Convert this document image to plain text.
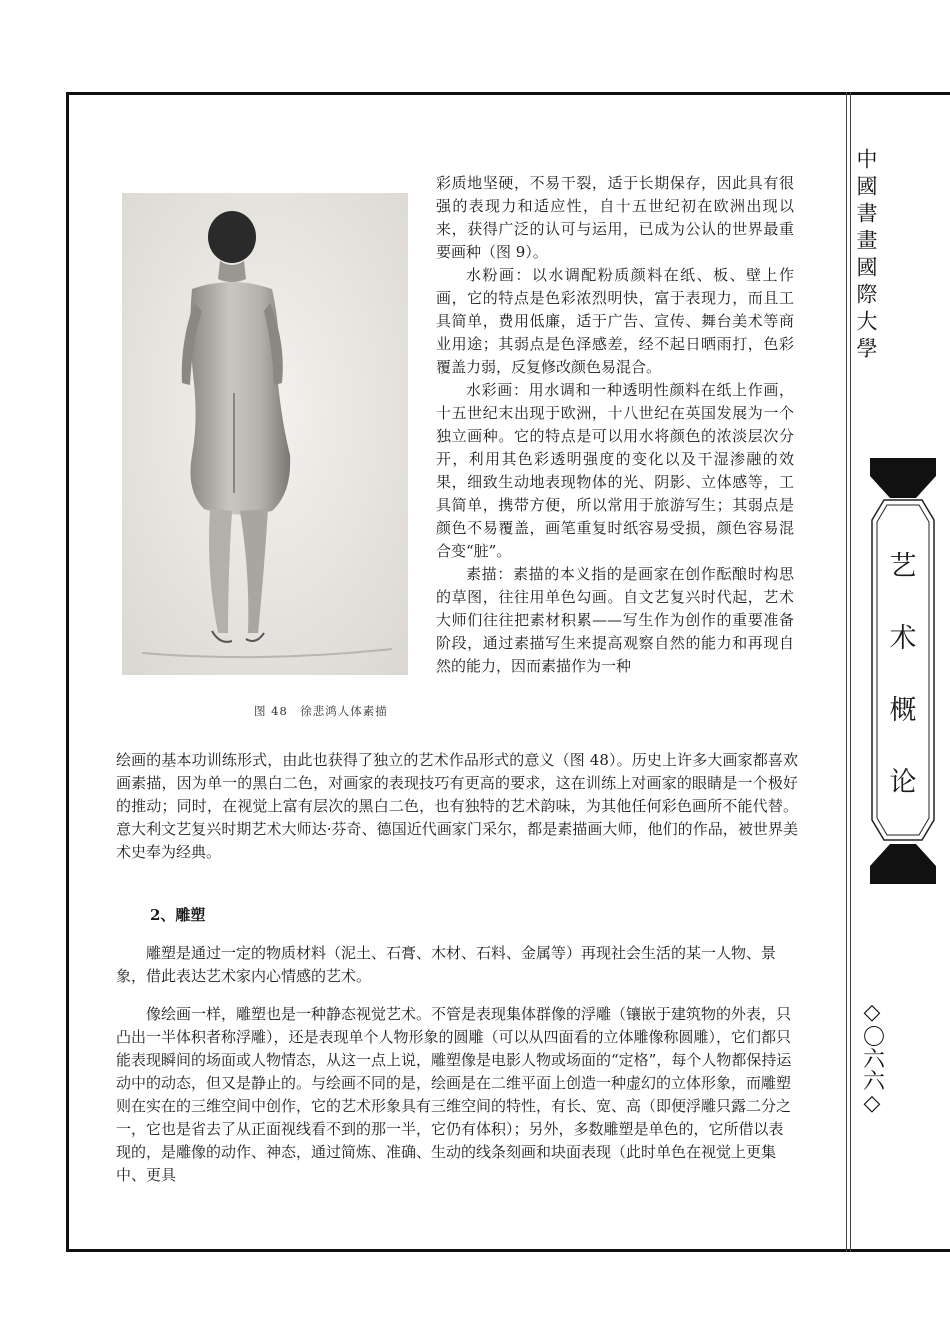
中國書畫國際大學
艺
术
概
论
◇〇六六◇
图 48　徐悲鸿人体素描

彩质地坚硬，不易干裂，适于长期保存，因此具有很强的表现力和适应性，自十五世纪初在欧洲出现以来，获得广泛的认可与运用，已成为公认的世界最重要画种（图 9）。

水粉画：以水调配粉质颜料在纸、板、壁上作画，它的特点是色彩浓烈明快，富于表现力，而且工具简单，费用低廉，适于广告、宣传、舞台美术等商业用途；其弱点是色泽感差，经不起日晒雨打，色彩覆盖力弱，反复修改颜色易混合。

水彩画：用水调和一种透明性颜料在纸上作画，十五世纪末出现于欧洲，十八世纪在英国发展为一个独立画种。它的特点是可以用水将颜色的浓淡层次分开，利用其色彩透明强度的变化以及干湿渗融的效果，细致生动地表现物体的光、阴影、立体感等，工具简单，携带方便，所以常用于旅游写生；其弱点是颜色不易覆盖，画笔重复时纸容易受损，颜色容易混合变“脏”。

素描：素描的本义指的是画家在创作酝酿时构思的草图，往往用单色勾画。自文艺复兴时代起，艺术大师们往往把素材积累——写生作为创作的重要准备阶段，通过素描写生来提高观察自然的能力和再现自然的能力，因而素描作为一种

绘画的基本功训练形式，由此也获得了独立的艺术作品形式的意义（图 48）。历史上许多大画家都喜欢画素描，因为单一的黑白二色，对画家的表现技巧有更高的要求，这在训练上对画家的眼睛是一个极好的推动；同时，在视觉上富有层次的黑白二色，也有独特的艺术韵味，为其他任何彩色画所不能代替。意大利文艺复兴时期艺术大师达·芬奇、德国近代画家门采尔，都是素描画大师，他们的作品，被世界美术史奉为经典。

2、雕塑

雕塑是通过一定的物质材料（泥土、石膏、木材、石料、金属等）再现社会生活的某一人物、景象，借此表达艺术家内心情感的艺术。

像绘画一样，雕塑也是一种静态视觉艺术。不管是表现集体群像的浮雕（镶嵌于建筑物的外表，只凸出一半体积者称浮雕），还是表现单个人物形象的圆雕（可以从四面看的立体雕像称圆雕），它们都只能表现瞬间的场面或人物情态，从这一点上说，雕塑像是电影人物或场面的“定格”，每个人物都保持运动中的动态，但又是静止的。与绘画不同的是，绘画是在二维平面上创造一种虚幻的立体形象，而雕塑则在实在的三维空间中创作，它的艺术形象具有三维空间的特性，有长、宽、高（即便浮雕只露二分之一，它也是省去了从正面视线看不到的那一半，它仍有体积）；另外，多数雕塑是单色的，它所借以表现的，是雕像的动作、神态，通过简炼、准确、生动的线条刻画和块面表现（此时单色在视觉上更集中、更具
